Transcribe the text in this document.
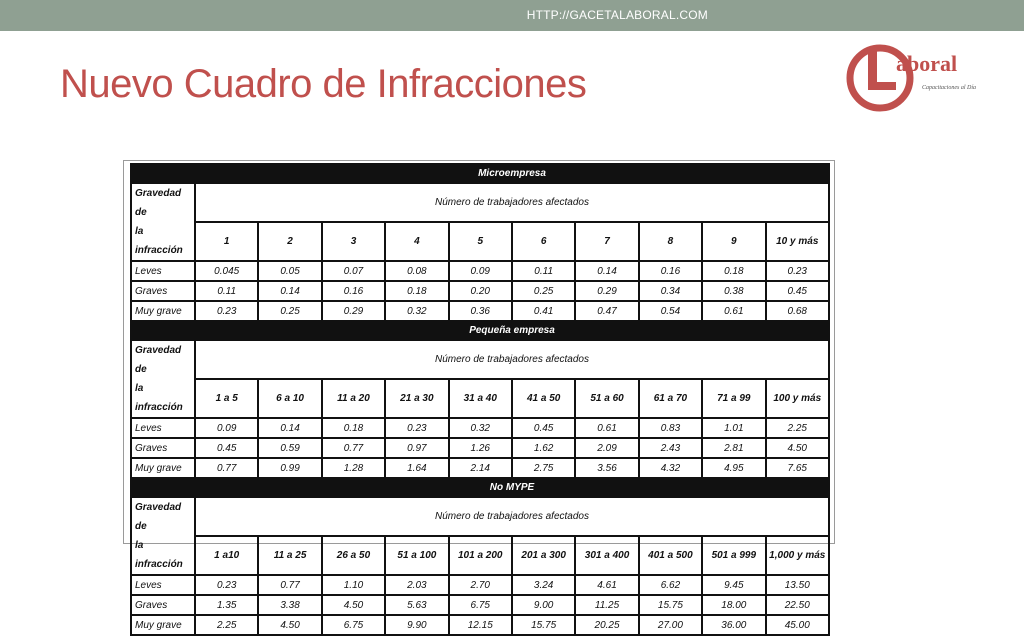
HTTP://GACETALABORAL.COM
Nuevo Cuadro de Infracciones	aboral
Capacitaciones al Día
	Microempresa									
Gravedad de
la infracción	Número de trabajadores afectados									
	1	2	3	4	5	6	7	8	9	10 y más
Leves	0.045	0.05	0.07	0.08	0.09	0.11	0.14	0.16	0.18	0.23
Graves	0.11	0.14	0.16	0.18	0.20	0.25	0.29	0.34	0.38	0.45
Muy grave	0.23	0.25	0.29	0.32	0.36	0.41	0.47	0.54	0.61	0.68
	Pequeña empresa									
Gravedad de
la infracción	Número de trabajadores afectados									
	1 a 5	6 a 10	11 a 20	21 a 30	31 a 40	41 a 50	51 a 60	61 a 70	71 a 99	100 y más
Leves	0.09	0.14	0.18	0.23	0.32	0.45	0.61	0.83	1.01	2.25
Graves	0.45	0.59	0.77	0.97	1.26	1.62	2.09	2.43	2.81	4.50
Muy grave	0.77	0.99	1.28	1.64	2.14	2.75	3.56	4.32	4.95	7.65
	No MYPE									
Gravedad de
la infracción	Número de trabajadores afectados									
	1 a10	11 a 25	26 a 50	51 a 100	101 a 200	201 a 300	301 a 400	401 a 500	501 a 999	1,000 y más
Leves	0.23	0.77	1.10	2.03	2.70	3.24	4.61	6.62	9.45	13.50
Graves	1.35	3.38	4.50	5.63	6.75	9.00	11.25	15.75	18.00	22.50
Muy grave	2.25	4.50	6.75	9.90	12.15	15.75	20.25	27.00	36.00	45.00
